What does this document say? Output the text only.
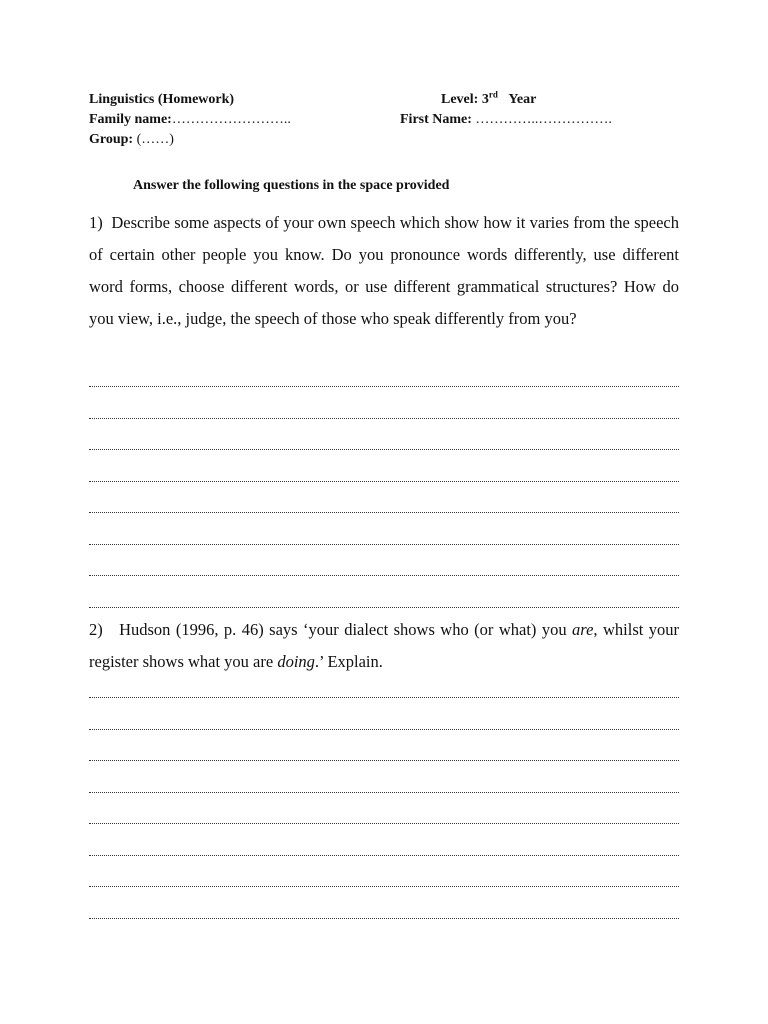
Linguistics (Homework)	Level: 3rd Year
Family name:……………………..	First Name: …………..…………….
Group: (……)
Answer the following questions in the space provided

1) Describe some aspects of your own speech which show how it varies from the speech of certain other people you know. Do you pronounce words differently, use different word forms, choose different words, or use different grammatical structures? How do you view, i.e., judge, the speech of those who speak differently from you?

2) Hudson (1996, p. 46) says ‘your dialect shows who (or what) you are, whilst your register shows what you are doing.’ Explain.
